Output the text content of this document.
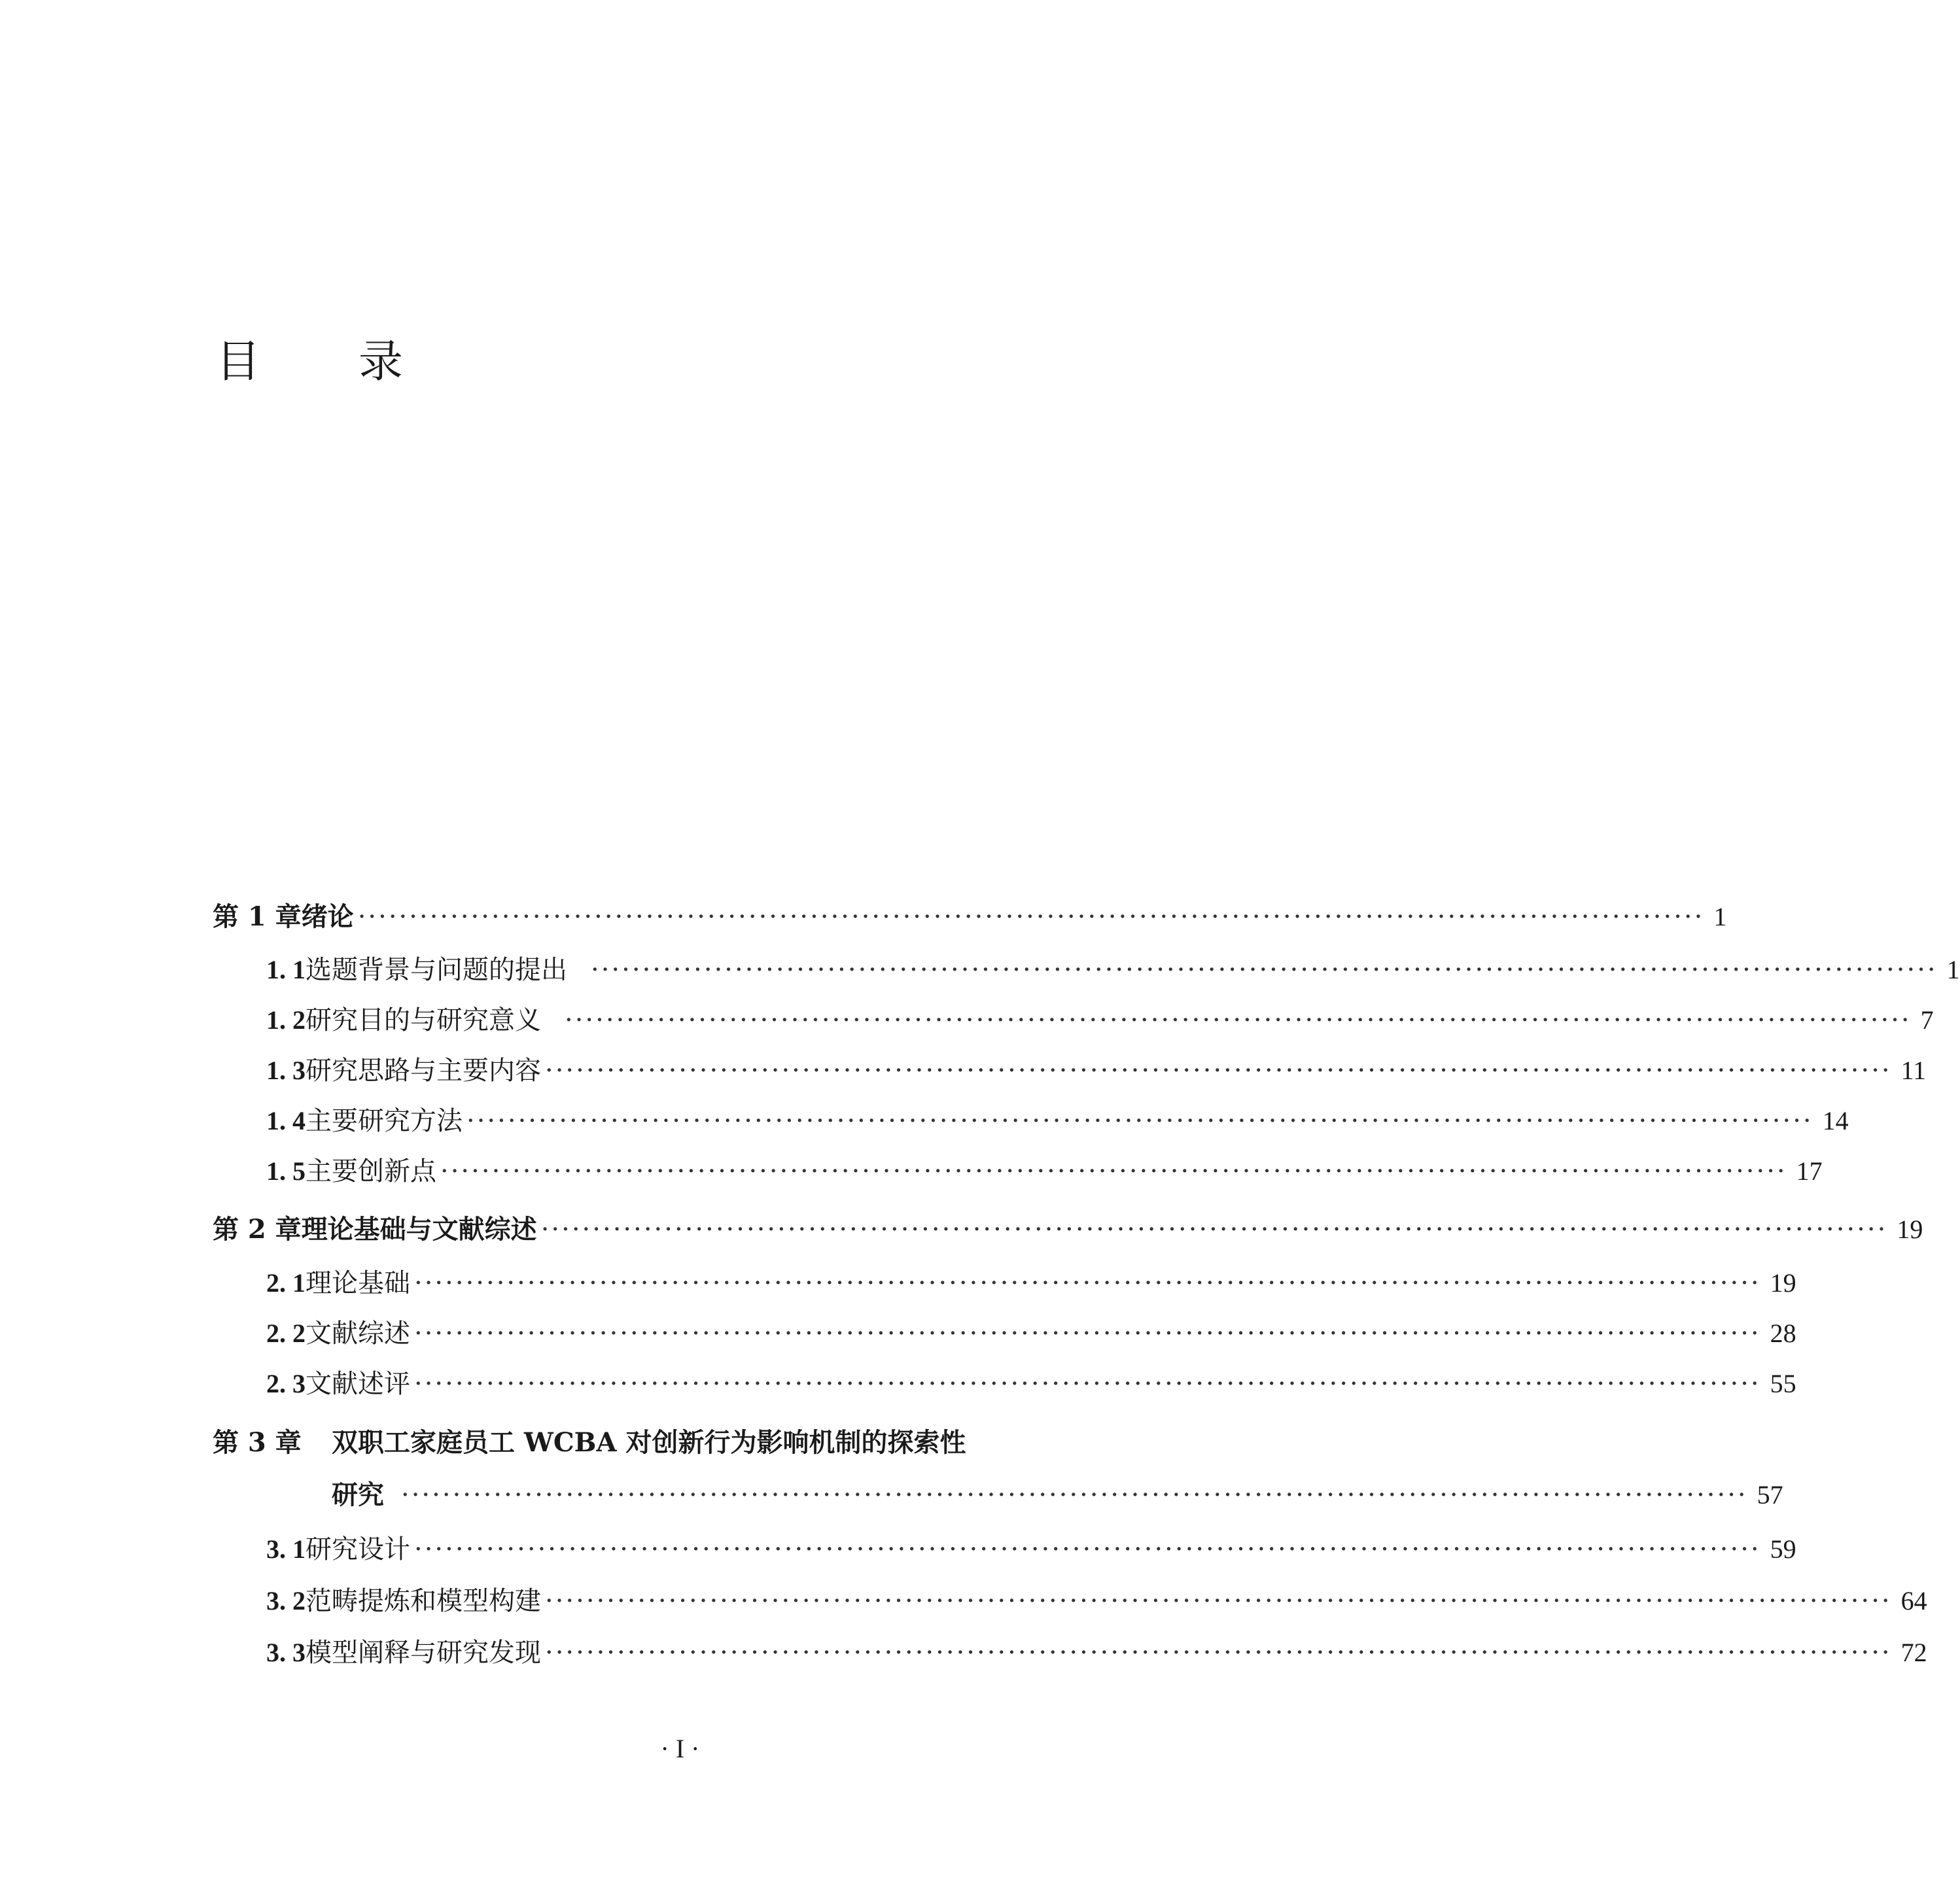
目 录
第 1 章 绪论 ··································································································································· 1
1. 1 选题背景与问题的提出 ··································································································································· 1
1. 2 研究目的与研究意义 ··································································································································· 7
1. 3 研究思路与主要内容 ··································································································································· 11
1. 4 主要研究方法 ··································································································································· 14
1. 5 主要创新点 ··································································································································· 17
第 2 章 理论基础与文献综述 ··································································································································· 19
2. 1 理论基础 ··································································································································· 19
2. 2 文献综述 ··································································································································· 28
2. 3 文献述评 ··································································································································· 55
第 3 章 双职工家庭员工 WCBA 对创新行为影响机制的探索性
研究 ··································································································································· 57
3. 1 研究设计 ··································································································································· 59
3. 2 范畴提炼和模型构建 ··································································································································· 64
3. 3 模型阐释与研究发现 ··································································································································· 72
· I ·
